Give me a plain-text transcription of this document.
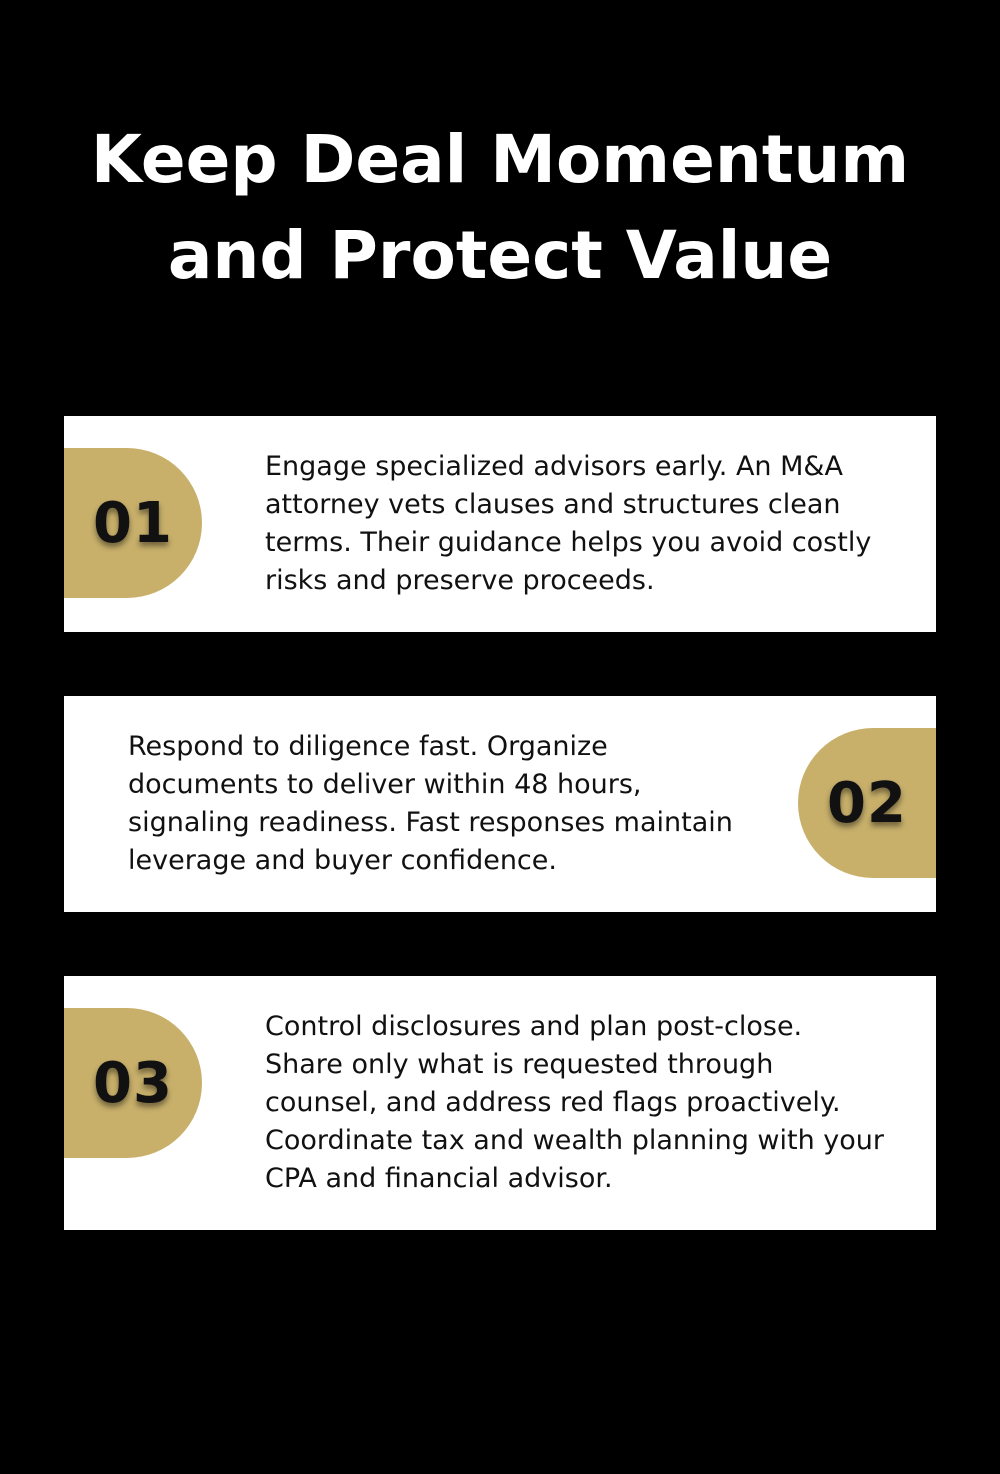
Keep Deal Momentum
and Protect Value
01

Engage specialized advisors early. An M&A attorney vets clauses and structures clean terms. Their guidance helps you avoid costly risks and preserve proceeds.

Respond to diligence fast. Organize documents to deliver within 48 hours, signaling readiness. Fast responses maintain leverage and buyer confidence.

02
03

Control disclosures and plan post-close. Share only what is requested through counsel, and address red flags proactively. Coordinate tax and wealth planning with your CPA and financial advisor.
